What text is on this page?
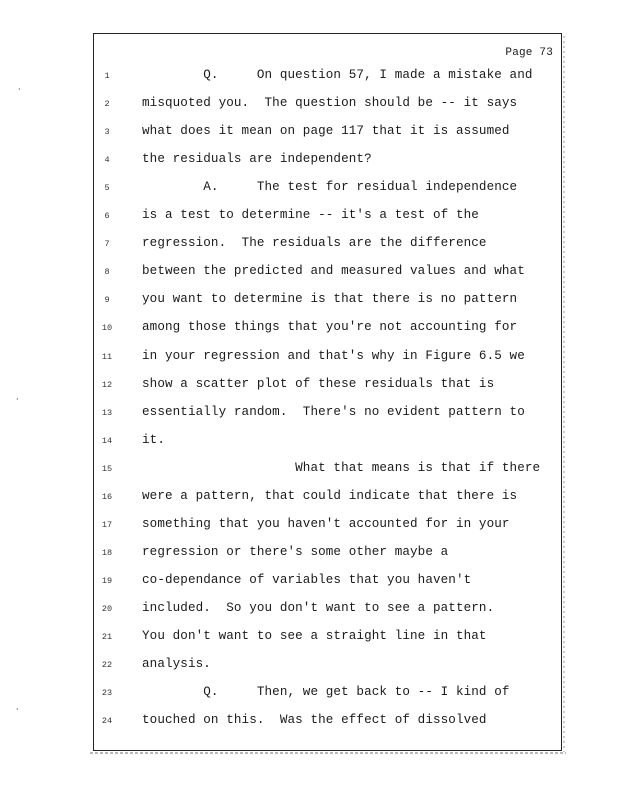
Page 73
1	Q.     On question 57, I made a mistake and
2	misquoted you.  The question should be -- it says
3	what does it mean on page 117 that it is assumed
4	the residuals are independent?
5	A.     The test for residual independence
6	is a test to determine -- it's a test of the
7	regression.  The residuals are the difference
8	between the predicted and measured values and what
9	you want to determine is that there is no pattern
10	among those things that you're not accounting for
11	in your regression and that's why in Figure 6.5 we
12	show a scatter plot of these residuals that is
13	essentially random.  There's no evident pattern to
14	it.
15	What that means is that if there
16	were a pattern, that could indicate that there is
17	something that you haven't accounted for in your
18	regression or there's some other maybe a
19	co-dependance of variables that you haven't
20	included.  So you don't want to see a pattern.
21	You don't want to see a straight line in that
22	analysis.
23	Q.     Then, we get back to -- I kind of
24	touched on this.  Was the effect of dissolved
⸳
⸳
⸳
